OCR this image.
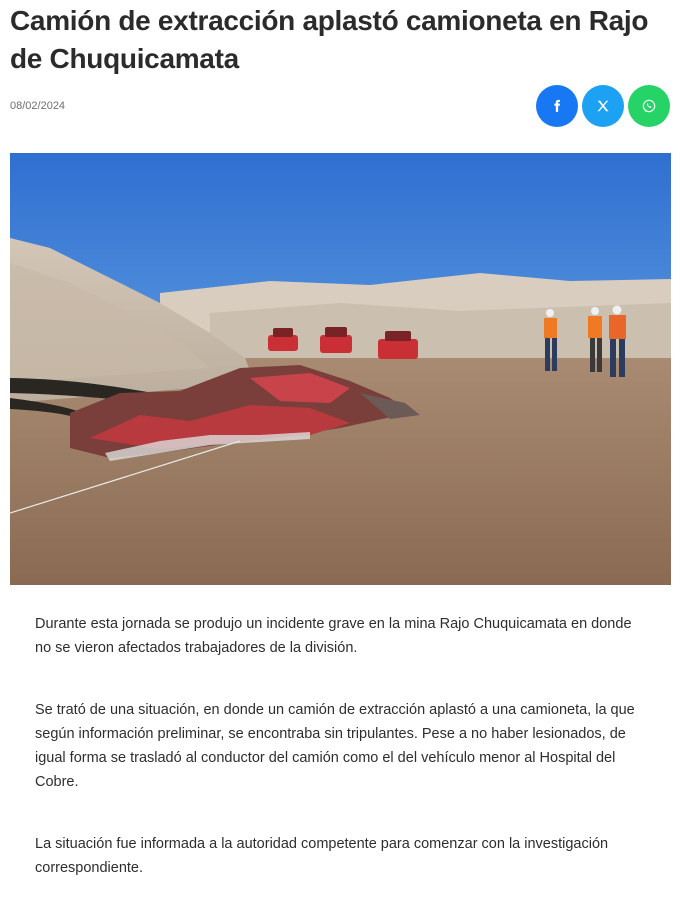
Camión de extracción aplastó camioneta en Rajo de Chuquicamata
08/02/2024

Durante esta jornada se produjo un incidente grave en la mina Rajo Chuquicamata en donde no se vieron afectados trabajadores de la división.

Se trató de una situación, en donde un camión de extracción aplastó a una camioneta, la que según información preliminar, se encontraba sin tripulantes. Pese a no haber lesionados, de igual forma se trasladó al conductor del camión como el del vehículo menor al Hospital del Cobre.

La situación fue informada a la autoridad competente para comenzar con la investigación correspondiente.
